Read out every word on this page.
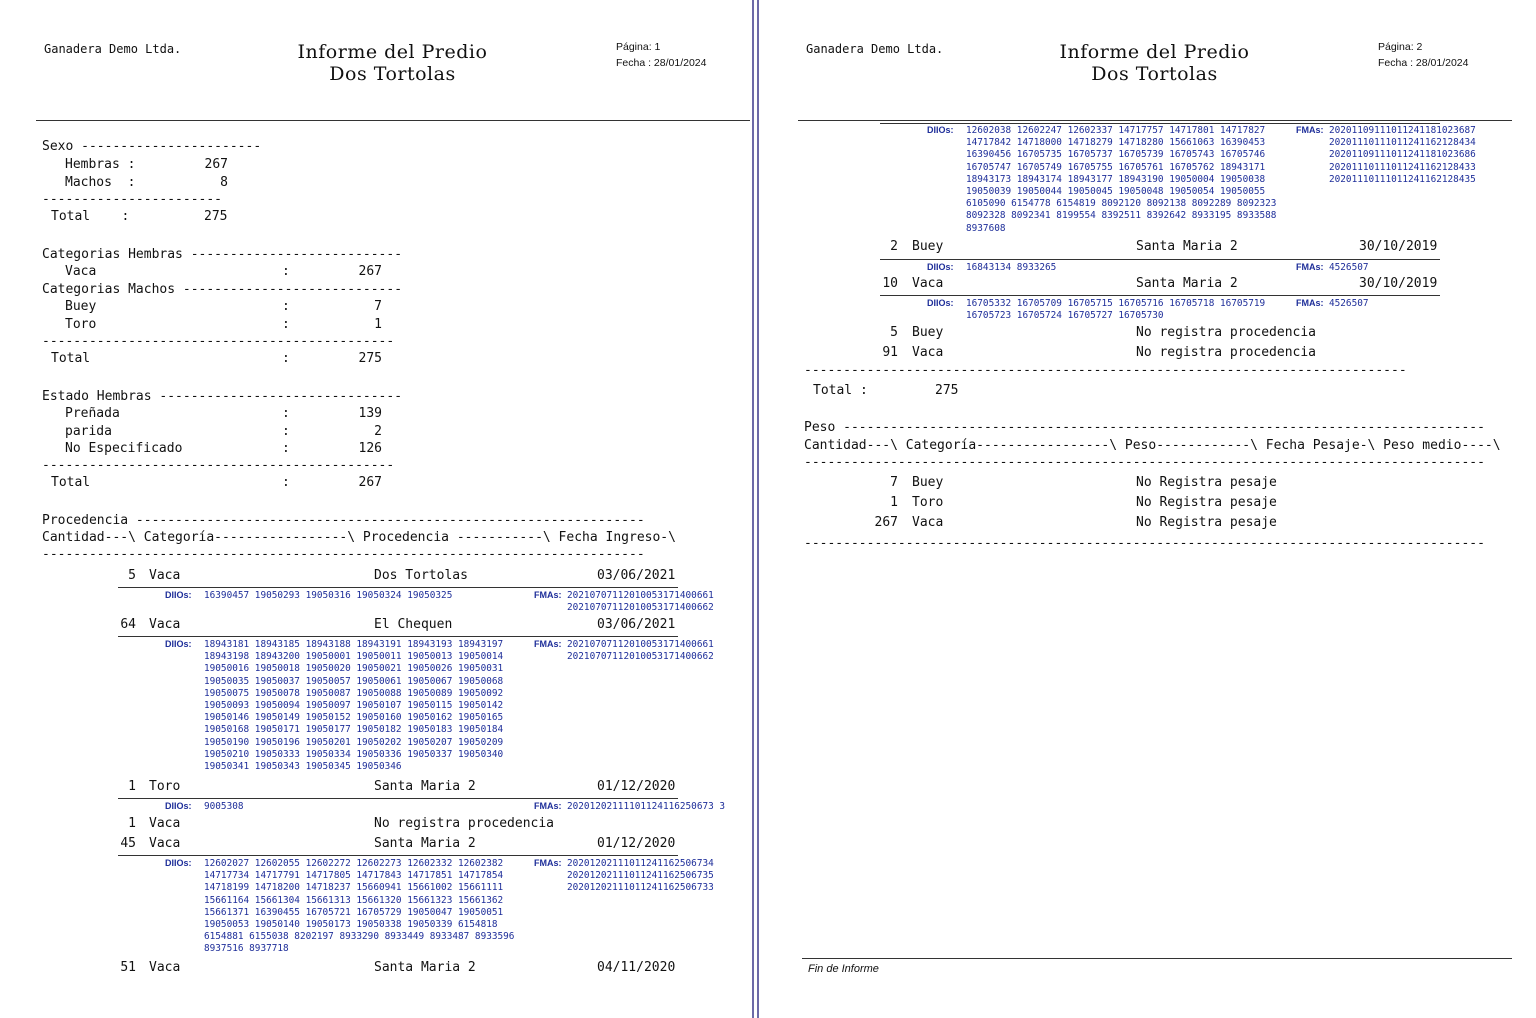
Ganadera Demo Ltda.	Informe del Predio
Dos Tortolas
Página: 1
Fecha : 28/01/2024
Sexo -----------------------
Hembras :	267
Machos  :	8
-----------------------
Total    :	275
Categorias Hembras ---------------------------
Vaca	:	267
Categorias Machos ----------------------------
Buey	:	7
Toro	:	1
---------------------------------------------
Total	:	275
Estado Hembras -------------------------------
Preñada	:	139
parida	:	2
No Especificado	:	126
---------------------------------------------
Total	:	267
Procedencia -----------------------------------------------------------------
Cantidad---\ Categoría-----------------\ Procedencia -----------\ Fecha Ingreso-\
-----------------------------------------------------------------------------
5 Vaca	Dos Tortolas	03/06/2021
DIIOs: 16390457 19050293 19050316 19050324 19050325	FMAs: 20210707112010053171400661
20210707112010053171400662
64 Vaca	El Chequen	03/06/2021
DIIOs: 18943181 18943185 18943188 18943191 18943193 18943197
18943198 18943200 19050001 19050011 19050013 19050014
19050016 19050018 19050020 19050021 19050026 19050031
19050035 19050037 19050057 19050061 19050067 19050068
19050075 19050078 19050087 19050088 19050089 19050092
19050093 19050094 19050097 19050107 19050115 19050142
19050146 19050149 19050152 19050160 19050162 19050165
19050168 19050171 19050177 19050182 19050183 19050184
19050190 19050196 19050201 19050202 19050207 19050209
19050210 19050333 19050334 19050336 19050337 19050340
19050341 19050343 19050345 19050346
FMAs: 20210707112010053171400661
20210707112010053171400662
1 Toro	Santa Maria 2	01/12/2020
DIIOs: 9005308	FMAs: 20201202111101124116250673 3
1 Vaca	No registra procedencia
45 Vaca	Santa Maria 2	01/12/2020
DIIOs: 12602027 12602055 12602272 12602273 12602332 12602382
14717734 14717791 14717805 14717843 14717851 14717854
14718199 14718200 14718237 15660941 15661002 15661111
15661164 15661304 15661313 15661320 15661323 15661362
15661371 16390455 16705721 16705729 19050047 19050051
19050053 19050140 19050173 19050338 19050339 6154818
6154881 6155038 8202197 8933290 8933449 8933487 8933596
8937516 8937718
FMAs: 20201202111011241162506734
20201202111011241162506735
20201202111011241162506733
51 Vaca	Santa Maria 2	04/11/2020
Ganadera Demo Ltda.	Informe del Predio
Dos Tortolas
Página: 2
Fecha : 28/01/2024
DIIOs: 12602038 12602247 12602337 14717757 14717801 14717827
14717842 14718000 14718279 14718280 15661063 16390453
16390456 16705735 16705737 16705739 16705743 16705746
16705747 16705749 16705755 16705761 16705762 18943171
18943173 18943174 18943177 18943190 19050004 19050038
19050039 19050044 19050045 19050048 19050054 19050055
6105090 6154778 6154819 8092120 8092138 8092289 8092323
8092328 8092341 8199554 8392511 8392642 8933195 8933588
8937608
FMAs: 20201109111011241181023687
20201110111011241162128434
20201109111011241181023686
20201110111011241162128433
20201110111011241162128435
2 Buey	Santa Maria 2	30/10/2019
DIIOs: 16843134 8933265	FMAs: 4526507
10 Vaca	Santa Maria 2	30/10/2019
DIIOs: 16705332 16705709 16705715 16705716 16705718 16705719
16705723 16705724 16705727 16705730
FMAs: 4526507
5 Buey	No registra procedencia
91 Vaca	No registra procedencia
-----------------------------------------------------------------------------
Total :	275
Peso ----------------------------------------------------------------------------------
Cantidad---\ Categoría-----------------\ Peso------------\ Fecha Pesaje-\ Peso medio----\
---------------------------------------------------------------------------------------
7 Buey	No Registra pesaje
1 Toro	No Registra pesaje
267 Vaca	No Registra pesaje
---------------------------------------------------------------------------------------
Fin de Informe
